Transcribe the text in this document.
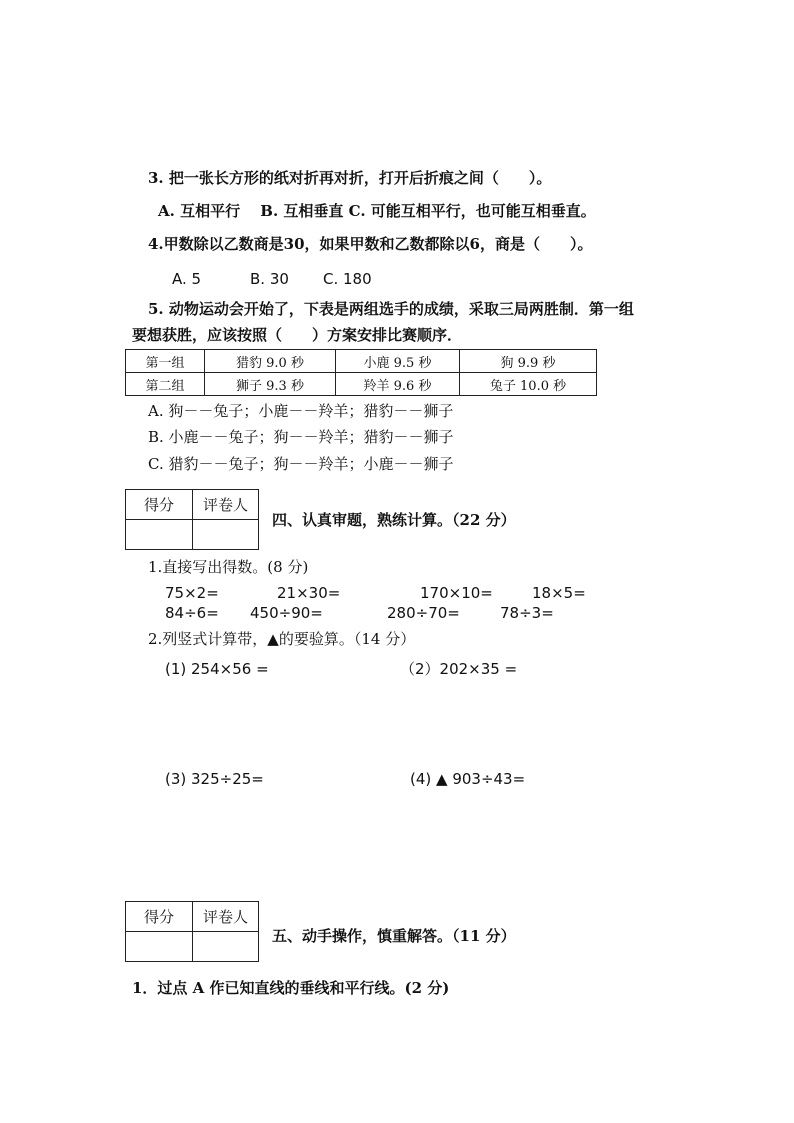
3. 把一张长方形的纸对折再对折，打开后折痕之间（　　）。
A. 互相平行　 B. 互相垂直 C. 可能互相平行，也可能互相垂直。
4.甲数除以乙数商是30，如果甲数和乙数都除以6，商是（　　）。
A. 5	B. 30 C. 180
5. 动物运动会开始了，下表是两组选手的成绩，采取三局两胜制．第一组
要想获胜，应该按照（　　）方案安排比赛顺序．
第一组	猎豹 9.0 秒	小鹿 9.5 秒	狗 9.9 秒
第二组	狮子 9.3 秒	羚羊 9.6 秒	兔子 10.0 秒
A. 狗－－兔子；小鹿－－羚羊；猎豹－－狮子
B. 小鹿－－兔子；狗－－羚羊；猎豹－－狮子
C. 猎豹－－兔子；狗－－羚羊；小鹿－－狮子
得分	评卷人

四、认真审题，熟练计算。（22 分）
1.直接写出得数。(8 分)
75×2=	21×30=	170×10=	18×5=
84÷6= 450÷90=	280÷70=	78÷3=
2.列竖式计算带，▲的要验算。（14 分）
(1) 254×56 =	（2）202×35 =
(3) 325÷25=	(4) ▲ 903÷43=
得分	评卷人

五、动手操作，慎重解答。（11 分）
1．过点 A 作已知直线的垂线和平行线。(2 分)
